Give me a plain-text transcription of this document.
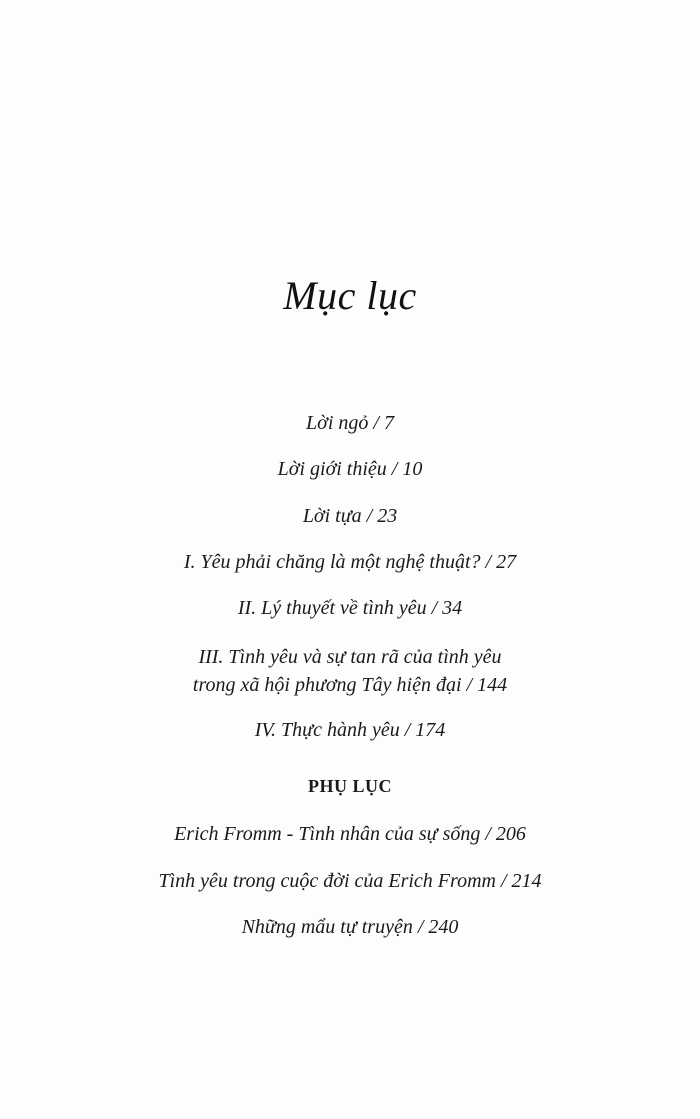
Mục lục
Lời ngỏ / 7
Lời giới thiệu / 10
Lời tựa / 23
I. Yêu phải chăng là một nghệ thuật? / 27
II. Lý thuyết về tình yêu / 34
III. Tình yêu và sự tan rã của tình yêu
trong xã hội phương Tây hiện đại / 144
IV. Thực hành yêu / 174
PHỤ LỤC
Erich Fromm - Tình nhân của sự sống / 206
Tình yêu trong cuộc đời của Erich Fromm / 214
Những mẩu tự truyện / 240
